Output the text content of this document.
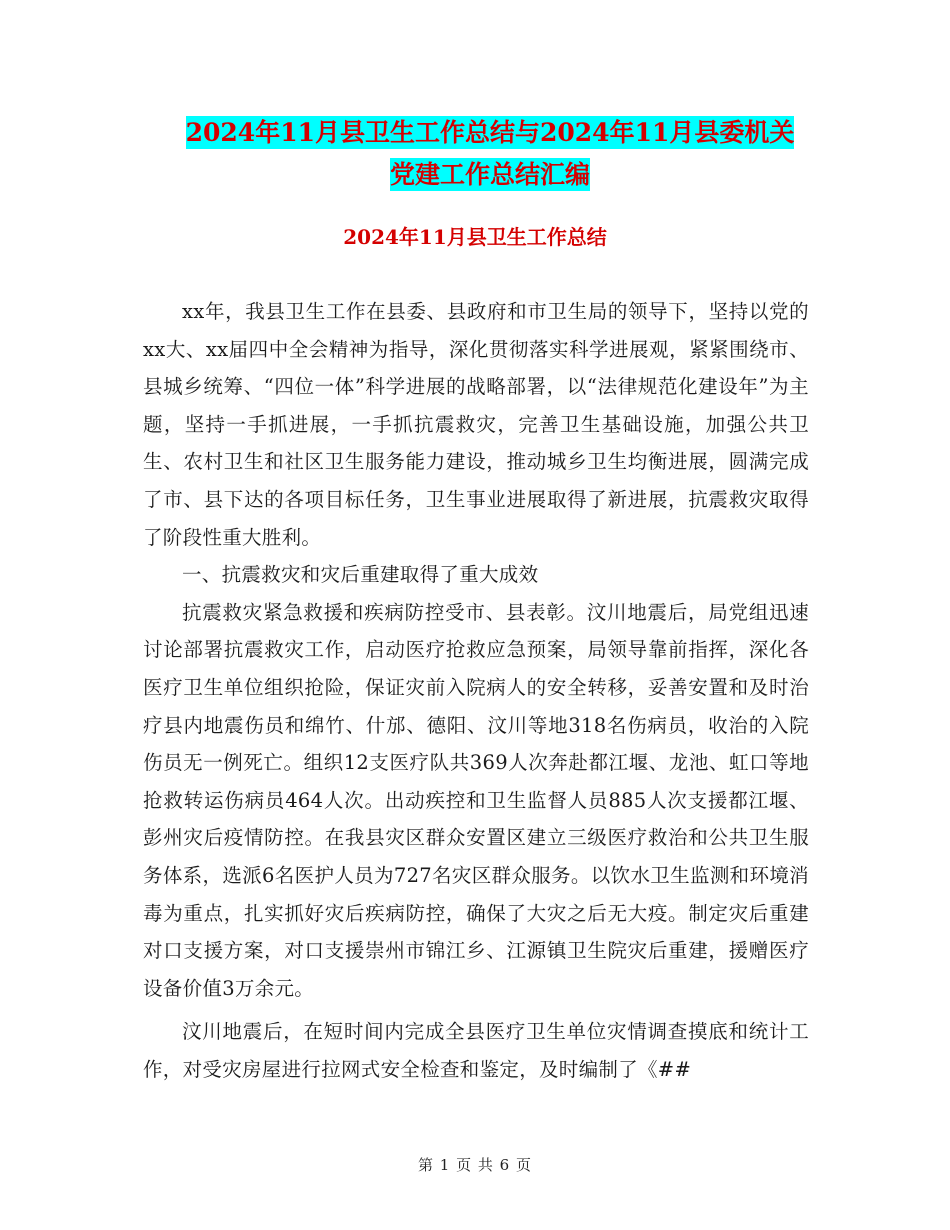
2024年11月县卫生工作总结与2024年11月县委机关
党建工作总结汇编
2024年11月县卫生工作总结

xx年，我县卫生工作在县委、县政府和市卫生局的领导下，坚持以党的xx大、xx届四中全会精神为指导，深化贯彻落实科学进展观，紧紧围绕市、县城乡统筹、“四位一体”科学进展的战略部署，以“法律规范化建设年”为主题，坚持一手抓进展，一手抓抗震救灾，完善卫生基础设施，加强公共卫生、农村卫生和社区卫生服务能力建设，推动城乡卫生均衡进展，圆满完成了市、县下达的各项目标任务，卫生事业进展取得了新进展，抗震救灾取得了阶段性重大胜利。

一、抗震救灾和灾后重建取得了重大成效

抗震救灾紧急救援和疾病防控受市、县表彰。汶川地震后，局党组迅速讨论部署抗震救灾工作，启动医疗抢救应急预案，局领导靠前指挥，深化各医疗卫生单位组织抢险，保证灾前入院病人的安全转移，妥善安置和及时治疗县内地震伤员和绵竹、什邡、德阳、汶川等地318名伤病员，收治的入院伤员无一例死亡。组织12支医疗队共369人次奔赴都江堰、龙池、虹口等地抢救转运伤病员464人次。出动疾控和卫生监督人员885人次支援都江堰、彭州灾后疫情防控。在我县灾区群众安置区建立三级医疗救治和公共卫生服务体系，选派6名医护人员为727名灾区群众服务。以饮水卫生监测和环境消毒为重点，扎实抓好灾后疾病防控，确保了大灾之后无大疫。制定灾后重建对口支援方案，对口支援崇州市锦江乡、江源镇卫生院灾后重建，援赠医疗设备价值3万余元。

汶川地震后，在短时间内完成全县医疗卫生单位灾情调查摸底和统计工作，对受灾房屋进行拉网式安全检查和鉴定，及时编制了《##

第 1 页 共 6 页
